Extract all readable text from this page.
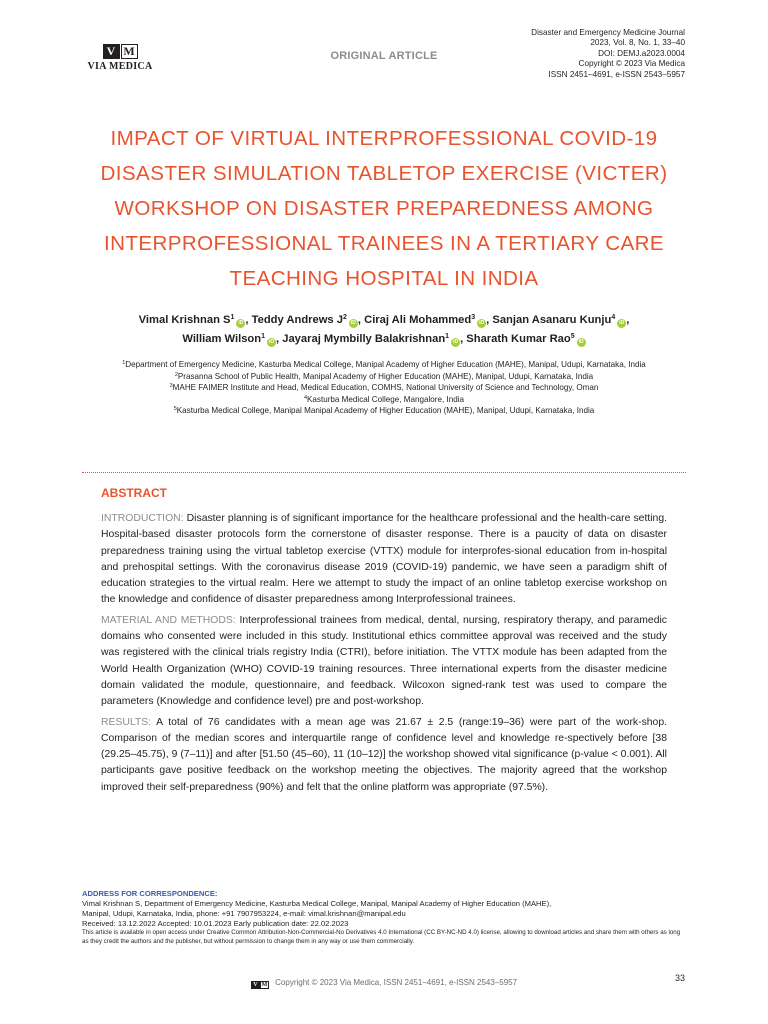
V M
VIA MEDICA
ORIGINAL ARTICLE
Disaster and Emergency Medicine Journal
2023, Vol. 8, No. 1, 33–40
DOI: DEMJ.a2023.0004
Copyright © 2023 Via Medica
ISSN 2451–4691, e-ISSN 2543–5957
IMPACT OF VIRTUAL INTERPROFESSIONAL COVID-19 DISASTER SIMULATION TABLETOP EXERCISE (VICTER) WORKSHOP ON DISASTER PREPAREDNESS AMONG INTERPROFESSIONAL TRAINEES IN A TERTIARY CARE TEACHING HOSPITAL IN INDIA
Vimal Krishnan $S^1iD$ , Teddy Andrews $J^2iD$ , Ciraj Ali Mohammed$^3$iD , Sanjan Asanaru Kunju$^4$iD ,
William Wilson$^1$iD , Jayaraj Mymbilly Balakrishnan$^1$iD , Sharath Kumar Rao$^5$iD
$^1$Department of Emergency Medicine, Kasturba Medical College, Manipal Academy of Higher Education (MAHE), Manipal, Udupi, Karnataka, India
$^2$Prasanna School of Public Health, Manipal Academy of Higher Education (MAHE), Manipal, Udupi, Karnataka, India
$^3$MAHE FAIMER Institute and Head, Medical Education, COMHS, National University of Science and Technology, Oman
$^4$Kasturba Medical College, Mangalore, India
$^5$Kasturba Medical College, Manipal Manipal Academy of Higher Education (MAHE), Manipal, Udupi, Karnataka, India
ABSTRACT

INTRODUCTION: Disaster planning is of significant importance for the healthcare professional and the health-care setting. Hospital-based disaster protocols form the cornerstone of disaster response. There is a paucity of data on disaster preparedness training using the virtual tabletop exercise (VTTX) module for interprofes-sional education from in-hospital and prehospital settings. With the coronavirus disease 2019 (COVID-19) pandemic, we have seen a paradigm shift of education strategies to the virtual realm. Here we attempt to study the impact of an online tabletop exercise workshop on the knowledge and confidence of disaster preparedness among Interprofessional trainees.

MATERIAL AND METHODS: Interprofessional trainees from medical, dental, nursing, respiratory therapy, and paramedic domains who consented were included in this study. Institutional ethics committee approval was received and the study was registered with the clinical trials registry India (CTRI), before initiation. The VTTX module has been adapted from the World Health Organization (WHO) COVID-19 training resources. Three international experts from the disaster medicine domain validated the module, questionnaire, and feedback. Wilcoxon signed-rank test was used to compare the parameters (Knowledge and confidence level) pre and post-workshop.

RESULTS: A total of 76 candidates with a mean age was 21.67 ± 2.5 (range:19–36) were part of the work-shop. Comparison of the median scores and interquartile range of confidence level and knowledge re-spectively before [38 (29.25–45.75), 9 (7–11)] and after [51.50 (45–60), 11 (10–12)] the workshop showed vital significance (p-value < 0.001). All participants gave positive feedback on the workshop meeting the objectives. The majority agreed that the workshop improved their self-preparedness (90%) and felt that the online platform was appropriate (97.5%).

ADDRESS FOR CORRESPONDENCE:
Vimal Krishnan S, Department of Emergency Medicine, Kasturba Medical College, Manipal, Manipal Academy of Higher Education (MAHE),
Manipal, Udupi, Karnataka, India, phone: +91 7907953224, e-mail: vimal.krishnan@manipal.edu
Received: 13.12.2022 Accepted: 10.01.2023 Early publication date: 22.02.2023
This article is available in open access under Creative Common Attribution-Non-Commercial-No Derivatives 4.0 International (CC BY-NC-ND 4.0) license, allowing to download articles and share them with others as long as they credit the authors and the publisher, but without permission to change them in any way or use them commercially.
V M Copyright © 2023 Via Medica, ISSN 2451–4691, e-ISSN 2543–5957	33
